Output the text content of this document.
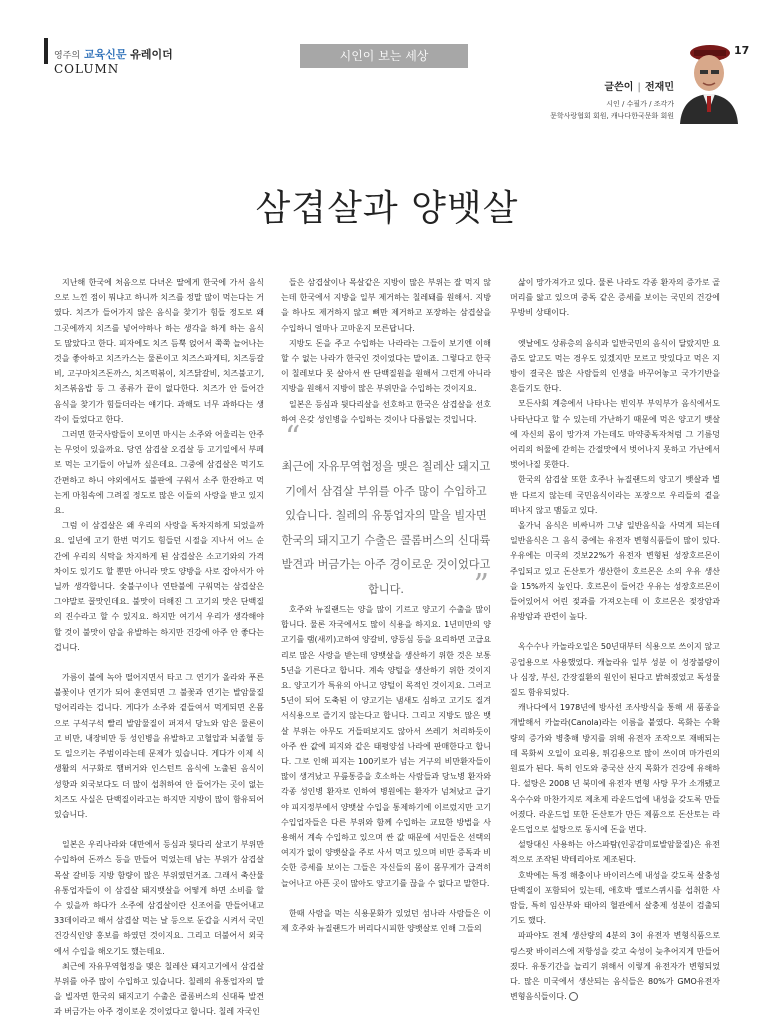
영주의 교육신문 유레이더
COLUMN
시인이 보는 세상	17
글쓴이 | 전재민
시인 / 수필가 / 조각가
문학사랑협회 회원, 캐나다한국문화 회원
삼겹살과 양뱃살

지난해 한국에 처음으로 다녀온 딸에게 한국에 가서 음식으로 느낀 점이 뭐냐고 하니까 치즈를 정말 많이 먹는다는 거였다. 치즈가 들어가지 않은 음식을 찾기가 힘들 정도로 왜 그곳에까지 치즈를 넣어야하나 하는 생각을 하게 하는 음식도 많았다고 한다. 피자에도 치즈 듬뿍 얹어서 쭉쭉 늘어나는 것을 좋아하고 치즈카스는 물론이고 치즈스파게티, 치즈등갈비, 고구마치즈돈까스, 치즈떡볶이, 치즈닭갈비, 치즈불고기, 치즈볶음밥 등 그 종류가 끝이 없다한다. 치즈가 안 들어간 음식을 찾기가 힘들더라는 얘기다. 과해도 너무 과하다는 생각이 들었다고 한다.

그러면 한국사람들이 모이면 마시는 소주와 어울리는 안주는 무엇이 있을까요. 당연 삼겹살 오겹살 등 고기일에서 부페로 먹는 고기들이 아닐까 싶은데요. 그중에 삼겹살은 먹기도 간편하고 하니 야외에서도 불판에 구워서 소주 한잔하고 먹는게 마침속에 그려질 정도로 많은 이들의 사랑을 받고 있지요.

그럼 이 삼겹살은 왜 우리의 사랑을 독차지하게 되었을까요. 일년에 고기 한번 먹기도 힘들던 시절을 지나서 어느 순간에 우리의 식탁을 차지하게 된 삼겹살은 소고기와의 가격차이도 있기도 할 뿐만 아니라 맛도 양방을 사로 잡아서가 아닐까 생각합니다. 숯불구이나 연탄불에 구워먹는 삼겹살은 그야말로 꿀맛인데요. 불맛이 더해진 그 고기의 맛은 단백질의 진수라고 할 수 있지요. 하지만 여기서 우리가 생각해야 할 것이 불맛이 암을 유발하는 하지만 건강에 아주 안 좋다는 겁니다.

가름이 불에 녹아 떨어지면서 타고 그 연기가 올라와 푸른 불꽃이나 연기가 되어 훈연되면 그 불꽃과 연기는 발암물질 덩어리라는 겁니다. 게다가 소주와 곁들여서 먹게되면 온몸으로 구석구석 빨리 발암물질이 퍼져서 당뇨와 암은 물론이고 비만, 내장비만 등 성인병을 유발하고 고혈압과 뇌졸혈 등도 일으키는 주범이라는데 문제가 있습니다. 게다가 이제 식생활의 서구화로 햄버거와 인스턴트 음식에 노출된 음식이 성향과 외국보다도 더 많이 섭취하여 안 들어가는 곳이 없는 치즈도 사실은 단백질이라고는 하지만 지방이 많이 함유되어 있습니다.

일본은 우리나라와 대만에서 등심과 뒷다리 살코기 부위만 수입하여 돈까스 등을 만들어 먹었는데 남는 부위가 삼겹살 목살 갈비등 지방 함량이 많은 부위였던거죠. 그래서 축산물 유통업자들이 이 삼겹살 돼지뱃살을 어떻게 하면 소비를 할 수 있을까 하다가 소주에 삼겹살이란 신조어를 만들어내고 33데이라고 해서 삼겹살 먹는 날 등으로 둔갑을 시켜서 국민건강식인양 홍보를 하였던 것이지요. 그리고 더불어서 외국에서 수입을 해오기도 했는데요.

최근에 자유무역협정을 맺은 칠레산 돼지고기에서 삼겹살 부위를 아주 많이 수입하고 있습니다. 칠레의 유통업자의 말을 빌자면 한국의 돼지고기 수출은 콜롬버스의 신대륙 발견과 버금가는 아주 경이로운 것이었다고 합니다. 칠레 자국인

들은 삼겹살이나 목살같은 지방이 많은 부위는 잘 먹지 않는데 한국에서 지방을 일부 제거하는 칠레돼를 원해서. 지방을 하나도 제거하지 않고 뼈만 제거하고 포장하는 삼겹살을 수입하니 얼마나 고마운지 모른답니다.

지방도 돈을 주고 수입하는 나라라는 그들이 보기엔 이해할 수 없는 나라가 한국인 것이었다는 말이죠. 그렇다고 한국이 칠레보다 못 살아서 싼 단백질원을 원해서 그런게 아니라 지방을 원해서 지방이 많은 부위만을 수입하는 것이지요.

일본은 등심과 뒷다리살을 선호하고 한국은 삼겹살을 선호하여 은갖 성인병을 수입하는 것이나 다름없는 것입니다.

“
최근에 자유무역협정을 맺은 칠레산 돼지고기에서 삼겹살 부위를 아주 많이 수입하고 있습니다. 칠레의 유통업자의 말을 빌자면 한국의 돼지고기 수출은 콜롬버스의 신대륙 발견과 버금가는 아주 경이로운 것이었다고 합니다.	”

호주와 뉴질랜드는 양을 많이 기르고 양고기 수출을 많이 합니다. 물론 자국에서도 많이 식용을 하지요. 1년미만의 양고기를 램(새끼)고하여 양갈비, 양등심 등을 요리하면 고급요리로 많은 사랑을 받는데 양뱃살을 생산하기 위한 것은 보통 5년을 기른다고 합니다. 계속 양털을 생산하기 위한 것이지요. 양고기가 특유의 아니고 양털이 목적인 것이지요. 그러고 5년이 되어 도축된 이 양고기는 냄새도 심하고 고기도 질겨 서식용으로 즐기지 않는다고 합니다. 그리고 지방도 많은 뱃살 부위는 아무도 거들떠보지도 않아서 쓰레기 처리하듯이 아주 싼 값에 피지와 같은 태평양섬 나라에 판매한다고 합니다. 그로 인해 피지는 100키로가 넘는 거구의 비만환자들이 많이 생겨났고 무릎통증을 호소하는 사람들과 당뇨병 환자와 각종 성인병 환자로 인하여 병원에는 환자가 넘쳐났고 급기야 피지정부에서 양뱃살 수입을 통제하기에 이르렀지만 고기 수입업자들은 다른 부위와 함께 수입하는 교묘한 방법을 사용해서 계속 수입하고 있으며 싼 값 때문에 서민들은 선택의 여지가 없이 양뱃살을 주로 사서 먹고 있으며 비만 증독과 비슷한 증세를 보이는 그들은 자신들의 몸이 몸무게가 급격히 늘어나고 아픈 곳이 많아도 양고기를 끊을 수 없다고 말한다.

한때 사람을 먹는 식용문화가 있었던 섬나라 사람들은 이제 호주와 뉴질랜드가 버리다시피한 양뱃살로 인해 그들의

삶이 망가져가고 있다. 물론 나라도 각종 환자의 증가로 골머리를 앓고 있으며 중독 같은 증세를 보이는 국민의 건강에 무방비 상태이다.

엣날에도 상류층의 음식과 일반국민의 음식이 달랐지만 요즘도 알고도 먹는 경우도 있겠지만 모르고 맛있다고 먹은 지방이 결국은 많은 사람들의 인생을 바꾸어놓고 국가기반을 흔들기도 한다.

모든사회 계층에서 나타나는 빈익부 부익부가 음식에서도 나타난다고 할 수 있는데 가난하기 때문에 먹은 양고기 뱃살에 자신의 몸이 망가져 가는데도 마약중독자처럼 그 기름덩어리의 허물에 갇히는 간절맛에서 벗어나지 못하고 가난에서 벗어나질 못한다.

한국의 삼겹살 또한 호주나 뉴질랜드의 양고기 뱃살과 별반 다르지 않는데 국민음식이라는 포장으로 우리들의 곁을 떠나지 않고 맴돌고 있다.

올가닉 음식은 비싸니까 그냥 일반음식을 사먹게 되는데 일반음식은 그 음식 중에는 유전자 변형식품들이 많이 있다. 우유에는 미국의 것보22%가 유전자 변형된 성장호르몬이 주입되고 있고 돈산토가 생산한이 호르몬은 소의 우유 생산을 15%까지 높인다. 호르몬이 들어간 우유는 성장호르몬이 들어있어서 어린 젖과를 가져오는데 이 호르몬은 젖장암과 유방암과 관련이 높다.

옥수수나 카놀라오일은 50년대부터 식용으로 쓰이지 않고 공업용으로 사용했었다. 캐놀라유 일부 성분 이 성장불량이나 심장, 부신, 간장질환의 원인이 된다고 밝혀졌었고 독성물질도 함유되었다.

캐나다에서 1978년에 방사선 조사방식을 통해 새 품종을 개발해서 카놀라(Canola)라는 이름을 붙였다. 목화는 수확량의 증가와 병충해 방지를 위해 유전자 조작으로 재배되는데 목화씨 오일이 요리용, 튀김용으로 많이 쓰이며 마가린의 원료가 된다. 특히 인도와 중국산 산지 목화가 건강에 유해하다. 설탕은 2008 년 북미에 유전자 변형 사탕 무가 소개됐고 옥수수와 마찬가지로 제초제 라운드업에 내성을 갖도록 만들어졌다. 라운드업 또한 돈산토가 만든 제품으로 돈산토는 라운드업으로 설탕으로 동시에 돈을 번다.

설탕대신 사용하는 아스파탐(인공감미료발암물질)은 유전적으로 조작된 박테리아로 제조된다.

호박에는 특정 해충이나 바이러스에 내성을 갖도록 살충성 단백질이 포함되어 있는데, 애호박 옐로스퀴시를 섭취한 사람들, 특히 임산부와 태아의 혈관에서 살충제 성분이 검출되기도 했다.

파파야도 전체 생산량의 4분의 3이 유전자 변형식품으로 링스팟 바이러스에 저항성을 갖고 숙성이 늦추어지게 만들어졌다. 유통기간을 늘리기 위해서 이렇게 유전자가 변형되었다. 많은 미국에서 생산되는 음식들은 80%가 GMO유전자 변형음식들이다.
